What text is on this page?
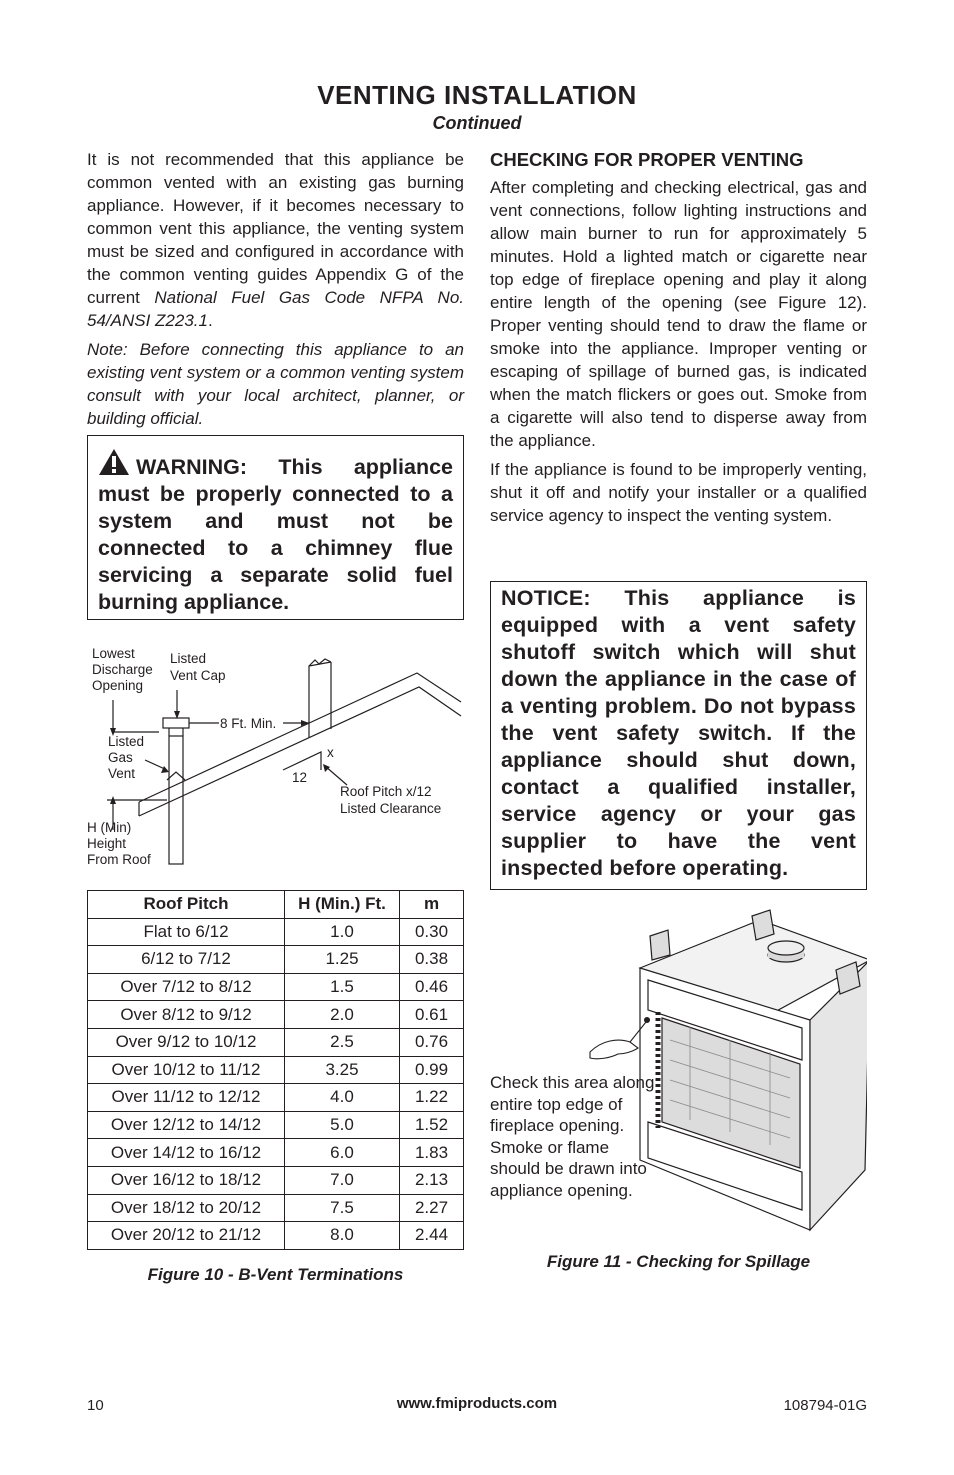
VENTING INSTALLATION
Continued

It is not recommended that this appliance be common vented with an existing gas burning appliance. However, if it becomes necessary to common vent this appliance, the venting system must be sized and configured in accordance with the common venting guides Appendix G of the current National Fuel Gas Code NFPA No. 54/ANSI Z223.1.

Note: Before connecting this appliance to an existing vent system or a common venting system consult with your local architect, planner, or building official.

WARNING: This appliance must be properly connected to a system and must not be connected to a chimney flue servicing a separate solid fuel burning appliance.

Lowest
Discharge
Opening
Listed
Vent Cap
8 Ft. Min.
Listed
Gas
Vent
x
12
Roof Pitch x/12
Listed Clearance
H (Min)
Height
From Roof
Roof Pitch	H (Min.) Ft.	m
Flat to 6/12	1.0	0.30
6/12 to 7/12	1.25	0.38
Over 7/12 to 8/12	1.5	0.46
Over 8/12 to 9/12	2.0	0.61
Over 9/12 to 10/12	2.5	0.76
Over 10/12 to 11/12	3.25	0.99
Over 11/12 to 12/12	4.0	1.22
Over 12/12 to 14/12	5.0	1.52
Over 14/12 to 16/12	6.0	1.83
Over 16/12 to 18/12	7.0	2.13
Over 18/12 to 20/12	7.5	2.27
Over 20/12 to 21/12	8.0	2.44
Figure 10 - B-Vent Terminations

CHECKING FOR PROPER VENTING

After completing and checking electrical, gas and vent connections, follow lighting instructions and allow main burner to run for approximately 5 minutes. Hold a lighted match or cigarette near top edge of fireplace opening and play it along entire length of the opening (see Figure 12). Proper venting should tend to draw the flame or smoke into the appliance. Improper venting or escaping of spillage of burned gas, is indicated when the match flickers or goes out. Smoke from a cigarette will also tend to disperse away from the appliance.

If the appliance is found to be improperly venting, shut it off and notify your installer or a qualified service agency to inspect the venting system.

NOTICE: This appliance is equipped with a vent safety shutoff switch which will shut down the appliance in the case of a venting problem. Do not bypass the vent safety switch. If the appliance should shut down, contact a qualified installer, service agency or your gas supplier to have the vent inspected before operating.

Check this area along entire top edge of fireplace opening. Smoke or flame should be drawn into appliance opening.
Figure 11 - Checking for Spillage
10	www.fmiproducts.com	108794-01G
